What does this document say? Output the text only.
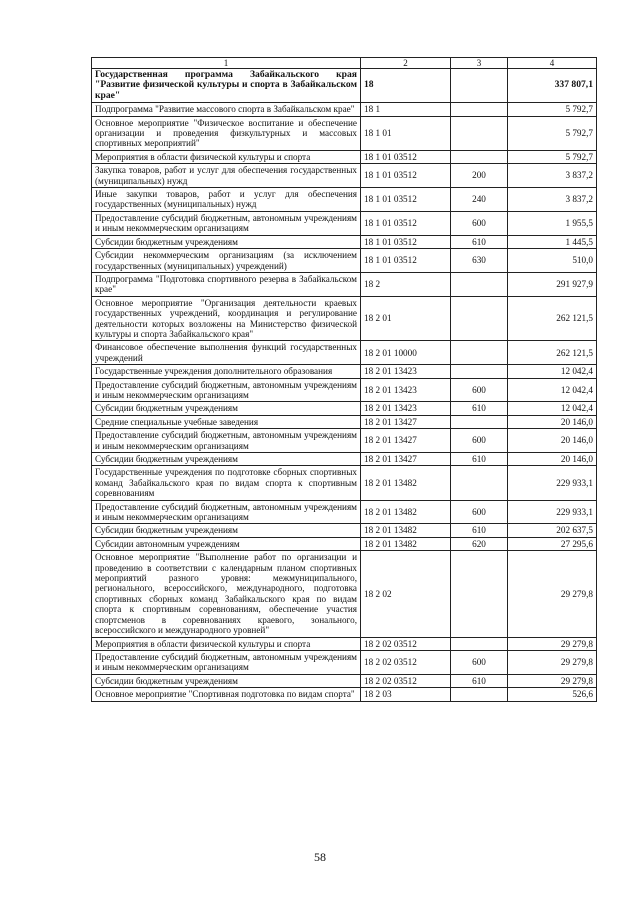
1	2	3	4
Государственная программа Забайкальского края "Развитие физической культуры и спорта в Забайкальском крае"	18		337 807,1
Подпрограмма "Развитие массового спорта в Забайкальском крае"	18 1		5 792,7
Основное мероприятие "Физическое воспитание и обеспечение организации и проведения физкультурных и массовых спортивных мероприятий"	18 1 01		5 792,7
Мероприятия в области физической культуры и спорта	18 1 01 03512		5 792,7
Закупка товаров, работ и услуг для обеспечения государственных (муниципальных) нужд	18 1 01 03512	200	3 837,2
Иные закупки товаров, работ и услуг для обеспечения государственных (муниципальных) нужд	18 1 01 03512	240	3 837,2
Предоставление субсидий бюджетным, автономным учреждениям и иным некоммерческим организациям	18 1 01 03512	600	1 955,5
Субсидии бюджетным учреждениям	18 1 01 03512	610	1 445,5
Субсидии некоммерческим организациям (за исключением государственных (муниципальных) учреждений)	18 1 01 03512	630	510,0
Подпрограмма "Подготовка спортивного резерва в Забайкальском крае"	18 2		291 927,9
Основное мероприятие "Организация деятельности краевых государственных учреждений, координация и регулирование деятельности которых возложены на Министерство физической культуры и спорта Забайкальского края"	18 2 01		262 121,5
Финансовое обеспечение выполнения функций государственных учреждений	18 2 01 10000		262 121,5
Государственные учреждения дополнительного образования	18 2 01 13423		12 042,4
Предоставление субсидий бюджетным, автономным учреждениям и иным некоммерческим организациям	18 2 01 13423	600	12 042,4
Субсидии бюджетным учреждениям	18 2 01 13423	610	12 042,4
Средние специальные учебные заведения	18 2 01 13427		20 146,0
Предоставление субсидий бюджетным, автономным учреждениям и иным некоммерческим организациям	18 2 01 13427	600	20 146,0
Субсидии бюджетным учреждениям	18 2 01 13427	610	20 146,0
Государственные учреждения по подготовке сборных спортивных команд Забайкальского края по видам спорта к спортивным соревнованиям	18 2 01 13482		229 933,1
Предоставление субсидий бюджетным, автономным учреждениям и иным некоммерческим организациям	18 2 01 13482	600	229 933,1
Субсидии бюджетным учреждениям	18 2 01 13482	610	202 637,5
Субсидии автономным учреждениям	18 2 01 13482	620	27 295,6
Основное мероприятие "Выполнение работ по организации и проведению в соответствии с календарным планом спортивных мероприятий разного уровня: межмуниципального, регионального, всероссийского, международного, подготовка спортивных сборных команд Забайкальского края по видам спорта к спортивным соревнованиям, обеспечение участия спортсменов в соревнованиях краевого, зонального, всероссийского и международного уровней"	18 2 02		29 279,8
Мероприятия в области физической культуры и спорта	18 2 02 03512		29 279,8
Предоставление субсидий бюджетным, автономным учреждениям и иным некоммерческим организациям	18 2 02 03512	600	29 279,8
Субсидии бюджетным учреждениям	18 2 02 03512	610	29 279,8
Основное мероприятие "Спортивная подготовка по видам спорта"	18 2 03		526,6
58
